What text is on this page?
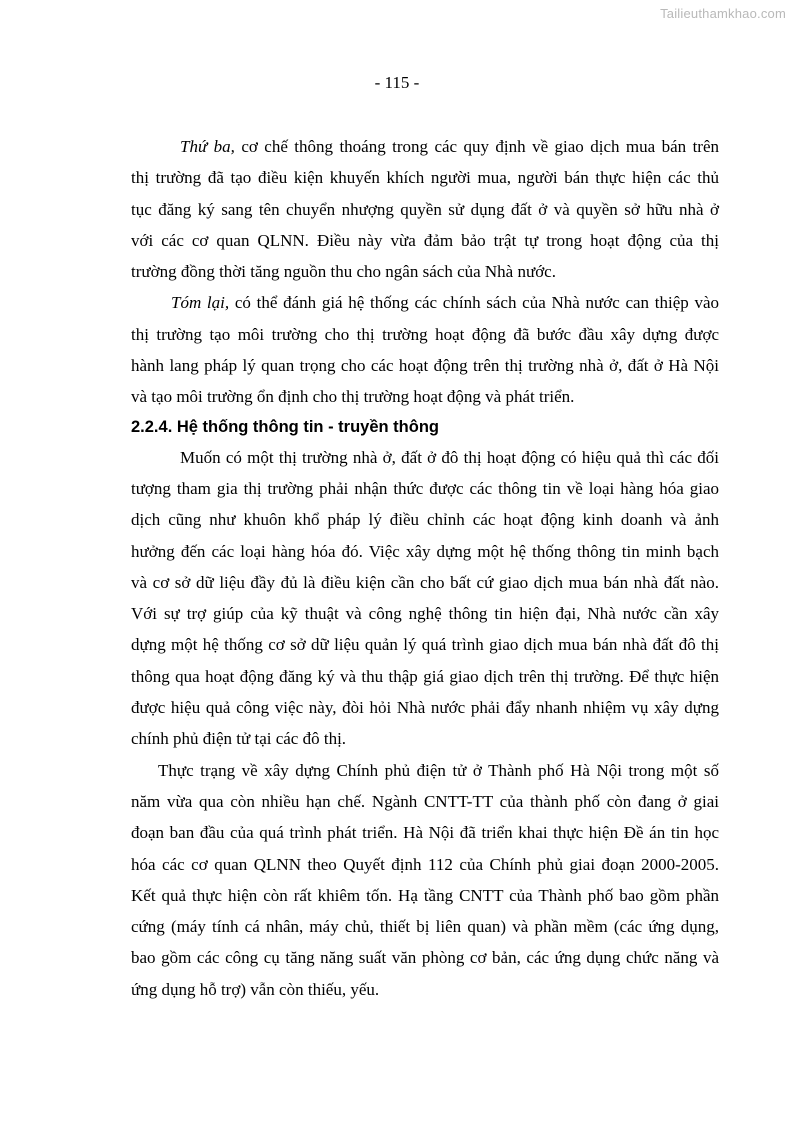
Tailieuthamkhao.com
- 115 -
Thứ ba, cơ chế thông thoáng trong các quy định về giao dịch mua bán trên
thị trường đã tạo điều kiện khuyến khích người mua, người bán thực hiện các thủ
tục đăng ký sang tên chuyển nhượng quyền sử dụng đất ở và quyền sở hữu nhà ở
với các cơ quan QLNN. Điều này vừa đảm bảo trật tự trong hoạt động của thị
trường đồng thời tăng nguồn thu cho ngân sách của Nhà nước.
Tóm lại, có thể đánh giá hệ thống các chính sách của Nhà nước can thiệp vào
thị trường tạo môi trường cho thị trường hoạt động đã bước đầu xây dựng được
hành lang pháp lý quan trọng cho các hoạt động trên thị trường nhà ở, đất ở Hà Nội
và tạo môi trường ổn định cho thị trường hoạt động và phát triển.
2.2.4. Hệ thống thông tin - truyền thông
Muốn có một thị trường nhà ở, đất ở đô thị hoạt động có hiệu quả thì các đối
tượng tham gia thị trường phải nhận thức được các thông tin về loại hàng hóa giao
dịch cũng như khuôn khổ pháp lý điều chỉnh các hoạt động kinh doanh và ảnh
hưởng đến các loại hàng hóa đó. Việc xây dựng một hệ thống thông tin minh bạch
và cơ sở dữ liệu đầy đủ là điều kiện cần cho bất cứ giao dịch mua bán nhà đất nào.
Với sự trợ giúp của kỹ thuật và công nghệ thông tin hiện đại, Nhà nước cần xây
dựng một hệ thống cơ sở dữ liệu quản lý quá trình giao dịch mua bán nhà đất đô thị
thông qua hoạt động đăng ký và thu thập giá giao dịch trên thị trường. Để thực hiện
được hiệu quả công việc này, đòi hỏi Nhà nước phải đẩy nhanh nhiệm vụ xây dựng
chính phủ điện tử tại các đô thị.
Thực trạng về xây dựng Chính phủ điện tử ở Thành phố Hà Nội trong một số
năm vừa qua còn nhiều hạn chế. Ngành CNTT-TT của thành phố còn đang ở giai
đoạn ban đầu của quá trình phát triển. Hà Nội đã triển khai thực hiện Đề án tin học
hóa các cơ quan QLNN theo Quyết định 112 của Chính phủ giai đoạn 2000-2005.
Kết quả thực hiện còn rất khiêm tốn. Hạ tầng CNTT của Thành phố bao gồm phần
cứng (máy tính cá nhân, máy chủ, thiết bị liên quan) và phần mềm (các ứng dụng,
bao gồm các công cụ tăng năng suất văn phòng cơ bản, các ứng dụng chức năng và
ứng dụng hỗ trợ) vẫn còn thiếu, yếu.
